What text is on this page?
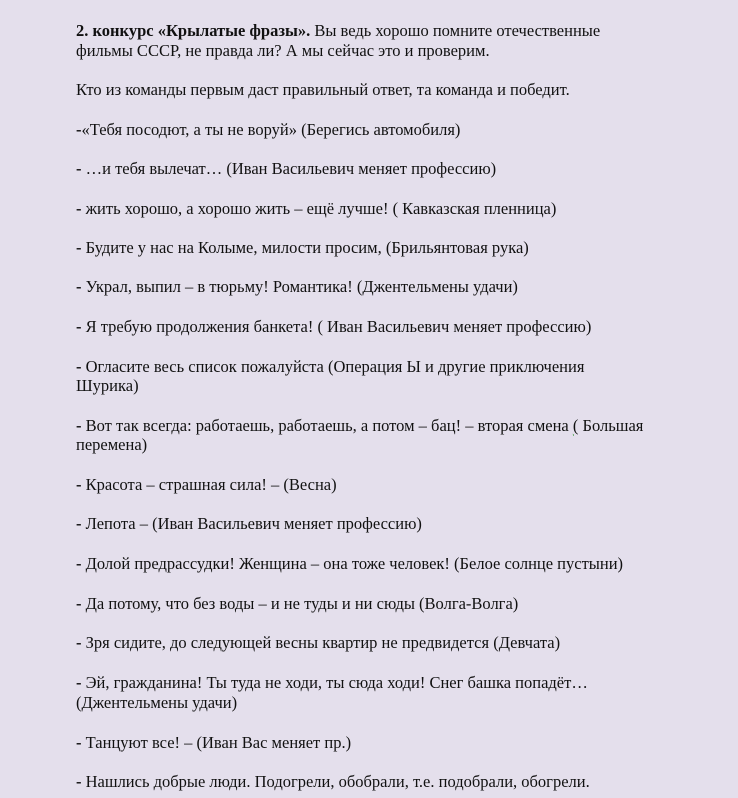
2. конкурс «Крылатые фразы». Вы ведь хорошо помните отечественные
фильмы СССР, не правда ли? А мы сейчас это и проверим.
Кто из команды первым даст правильный ответ, та команда и победит.
-«Тебя посодют, а ты не воруй» (Берегись автомобиля)
- …и тебя вылечат… (Иван Васильевич меняет профессию)
- жить хорошо, а хорошо жить – ещё лучше! ( Кавказская пленница)
- Будите у нас на Колыме, милости просим, (Брильянтовая рука)
- Украл, выпил – в тюрьму! Романтика! (Джентельмены удачи)
- Я требую продолжения банкета! ( Иван Васильевич меняет профессию)
- Огласите весь список пожалуйста (Операция Ы и другие приключения
Шурика)
- Вот так всегда: работаешь, работаешь, а потом – бац! – вторая смена ( Большая
перемена)
- Красота – страшная сила! – (Весна)
- Лепота – (Иван Васильевич меняет профессию)
- Долой предрассудки! Женщина – она тоже человек! (Белое солнце пустыни)
- Да потому, что без воды – и не туды и ни сюды (Волга-Волга)
- Зря сидите, до следующей весны квартир не предвидется (Девчата)
- Эй, гражданина! Ты туда не ходи, ты сюда ходи! Снег башка попадёт…
(Джентельмены удачи)
- Танцуют все! – (Иван Вас меняет пр.)
- Нашлись добрые люди. Подогрели, обобрали, т.е. подобрали, обогрели.
